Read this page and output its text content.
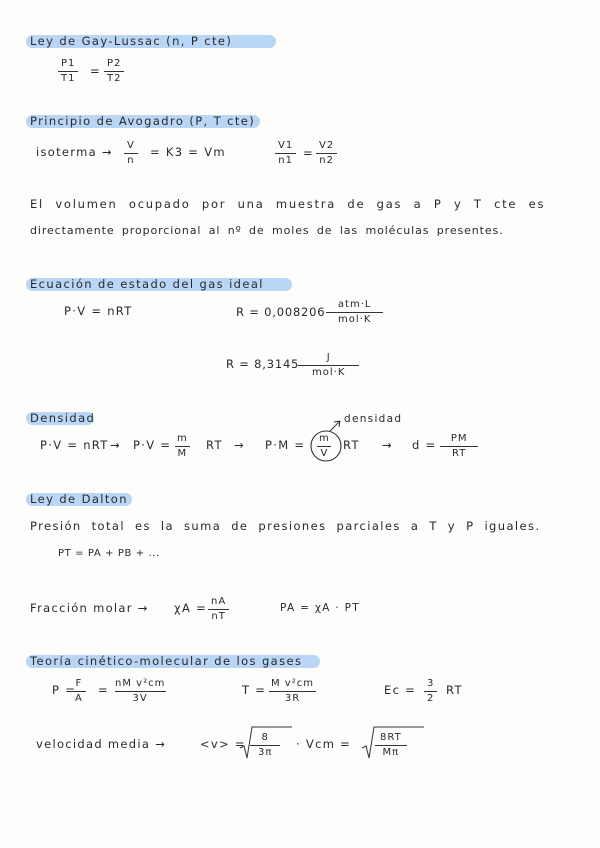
Ley de Gay-Lussac (n, P cte)
$\frac{P1}{T1} = \frac{P2}{T2}$
Principio de Avogadro (P, T cte)
isoterma → $\frac{V}{n} = K3 = Vm$	$\frac{V1}{n1} = \frac{V2}{n2}$
El volumen ocupado por una muestra de gas a P y T cte es
directamente proporcional al nº de moles de las moléculas presentes.
Ecuación de estado del gas ideal
P·V = nRT	R = 0,008206
atm·L
mol·K
R = 8,3145	J
mol·K
Densidad
P·V = nRT → $P\cdot V = \frac{m}{M}$ RT → $P\cdot M = \frac{m}{V}$ RT → $d = \frac{PM}{RT}$
densidad
Ley de Dalton
Presión total es la suma de presiones parciales a T y P iguales.
PT = PA + PB + ...
Fracción molar → $\chi A = \frac{nA}{nT}$	PA = χA · PT
Teoría cinético-molecular de los gases
P =
$\frac{F}{A} = \frac{\text{nM v²cm}}{3V}$	$T = \frac{\text{M v²cm}}{3R}$	$Ec = \frac{3}{2}$ RT
velocidad media →	$<v> = \frac{8}{3\pi}$ · Vcm = $\frac{8RT}{M\pi}$
